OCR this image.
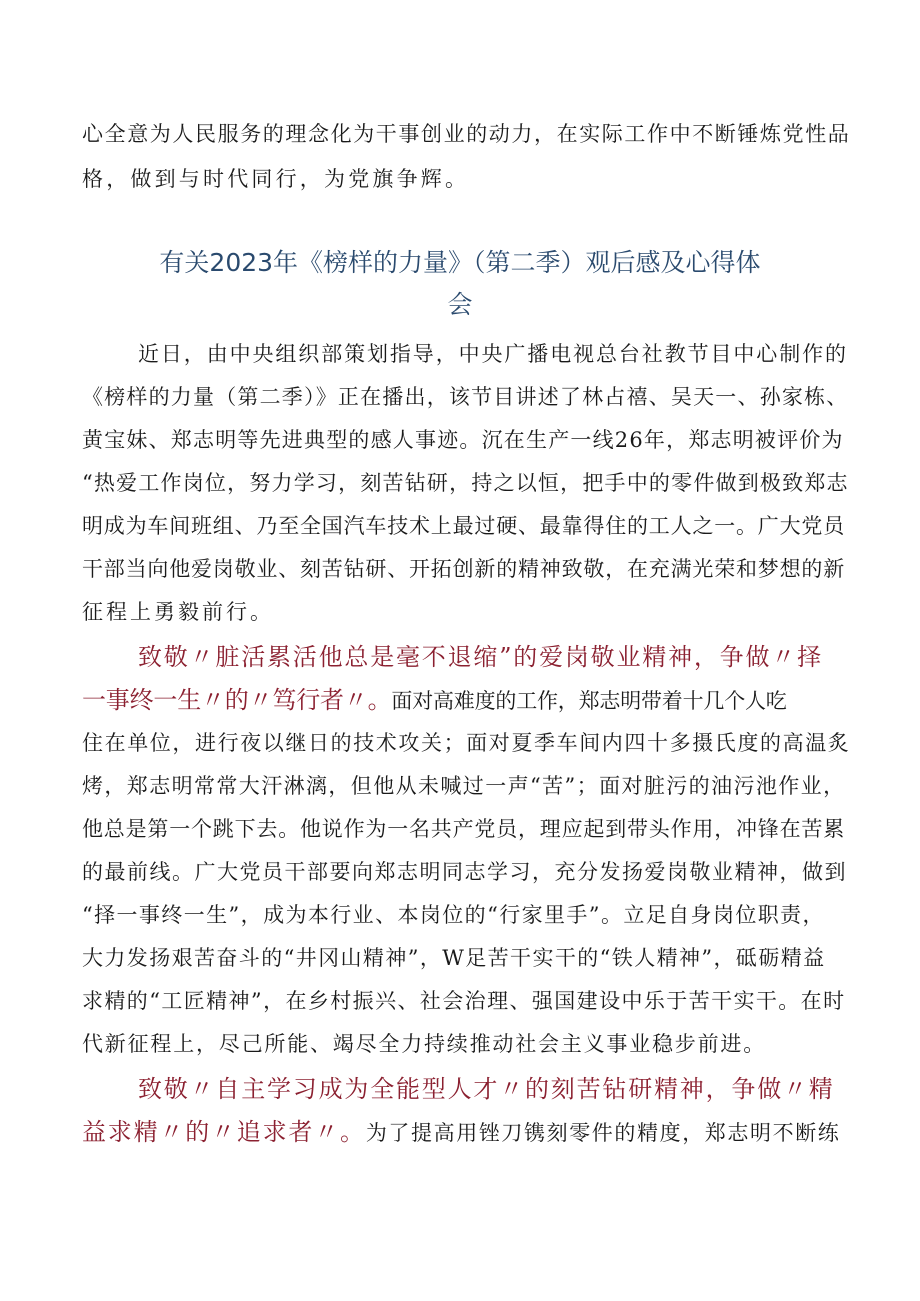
心全意为人民服务的理念化为干事创业的动力，在实际工作中不断锤炼党性品
格，做到与时代同行，为党旗争辉。
有关2023年《榜样的力量》（第二季）观后感及心得体
会
近日，由中央组织部策划指导，中央广播电视总台社教节目中心制作的
《榜样的力量（第二季）》正在播出，该节目讲述了林占禧、吴天一、孙家栋、
黄宝妹、郑志明等先进典型的感人事迹。沉在生产一线26年，郑志明被评价为
“热爱工作岗位，努力学习，刻苦钻研，持之以恒，把手中的零件做到极致郑志
明成为车间班组、乃至全国汽车技术上最过硬、最靠得住的工人之一。广大党员
干部当向他爱岗敬业、刻苦钻研、开拓创新的精神致敬，在充满光荣和梦想的新
征程上勇毅前行。
致敬〃脏活累活他总是毫不退缩”的爱岗敬业精神，争做〃择
一事终一生〃的〃笃行者〃。面对高难度的工作，郑志明带着十几个人吃
住在单位，进行夜以继日的技术攻关；面对夏季车间内四十多摄氏度的高温炙
烤，郑志明常常大汗淋漓，但他从未喊过一声“苦”；面对脏污的油污池作业，
他总是第一个跳下去。他说作为一名共产党员，理应起到带头作用，冲锋在苦累
的最前线。广大党员干部要向郑志明同志学习，充分发扬爱岗敬业精神，做到
“择一事终一生”，成为本行业、本岗位的“行家里手”。立足自身岗位职责，
大力发扬艰苦奋斗的“井冈山精神”，W足苦干实干的“铁人精神”，砥砺精益
求精的“工匠精神”，在乡村振兴、社会治理、强国建设中乐于苦干实干。在时
代新征程上，尽己所能、竭尽全力持续推动社会主义事业稳步前进。
致敬〃自主学习成为全能型人才〃的刻苦钻研精神，争做〃精
益求精〃的〃追求者〃。为了提高用锉刀镌刻零件的精度，郑志明不断练
